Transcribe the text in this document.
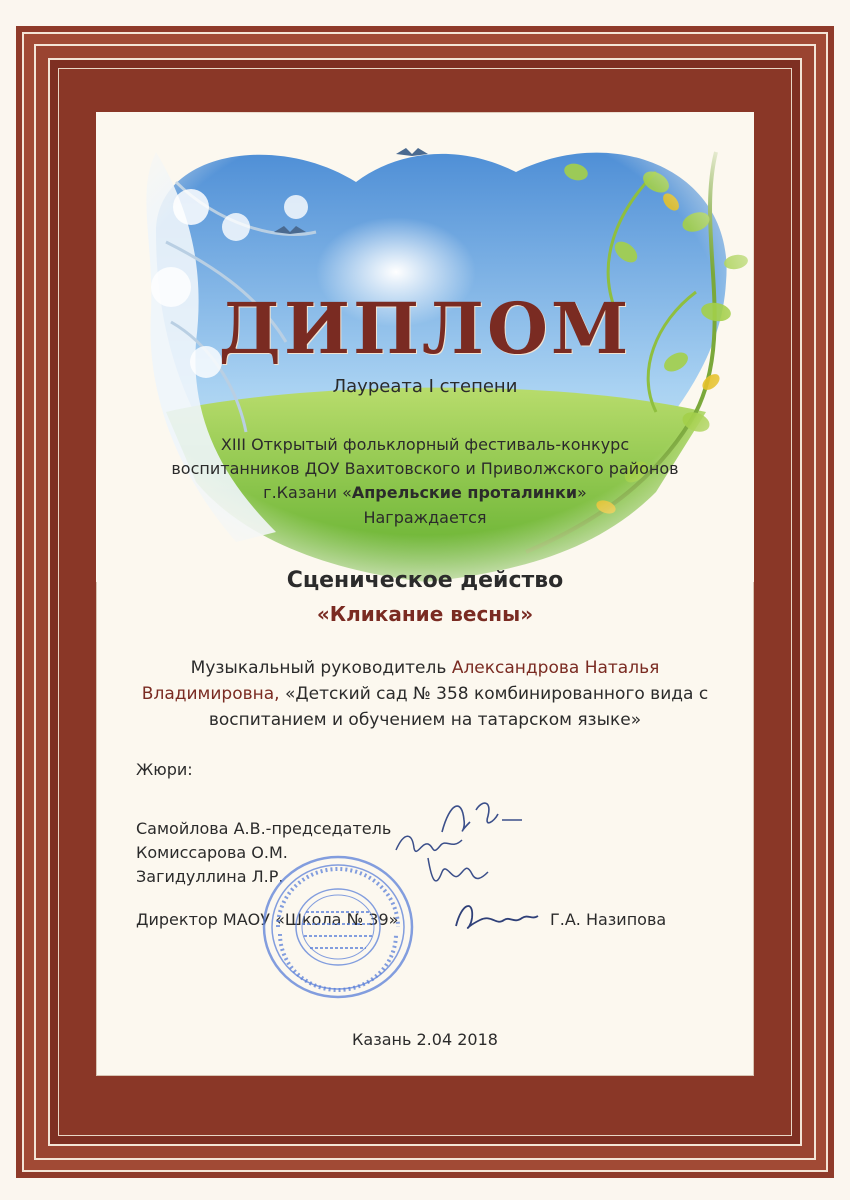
ДИПЛОМ
Лауреата I степени
XIII Открытый фольклорный фестиваль-конкурс
воспитанников ДОУ Вахитовского и Приволжского районов
г.Казани «Апрельские проталинки»
Награждается
Сценическое действо
«Кликание весны»
Музыкальный руководитель Александрова Наталья Владимировна, «Детский сад № 358 комбинированного вида с воспитанием и обучением на татарском языке»
Жюри:
Самойлова А.В.-председатель
Комиссарова О.М.
Загидуллина Л.Р.
Директор МАОУ «Школа № 39»	Г.А. Назипова
Казань 2.04 2018
